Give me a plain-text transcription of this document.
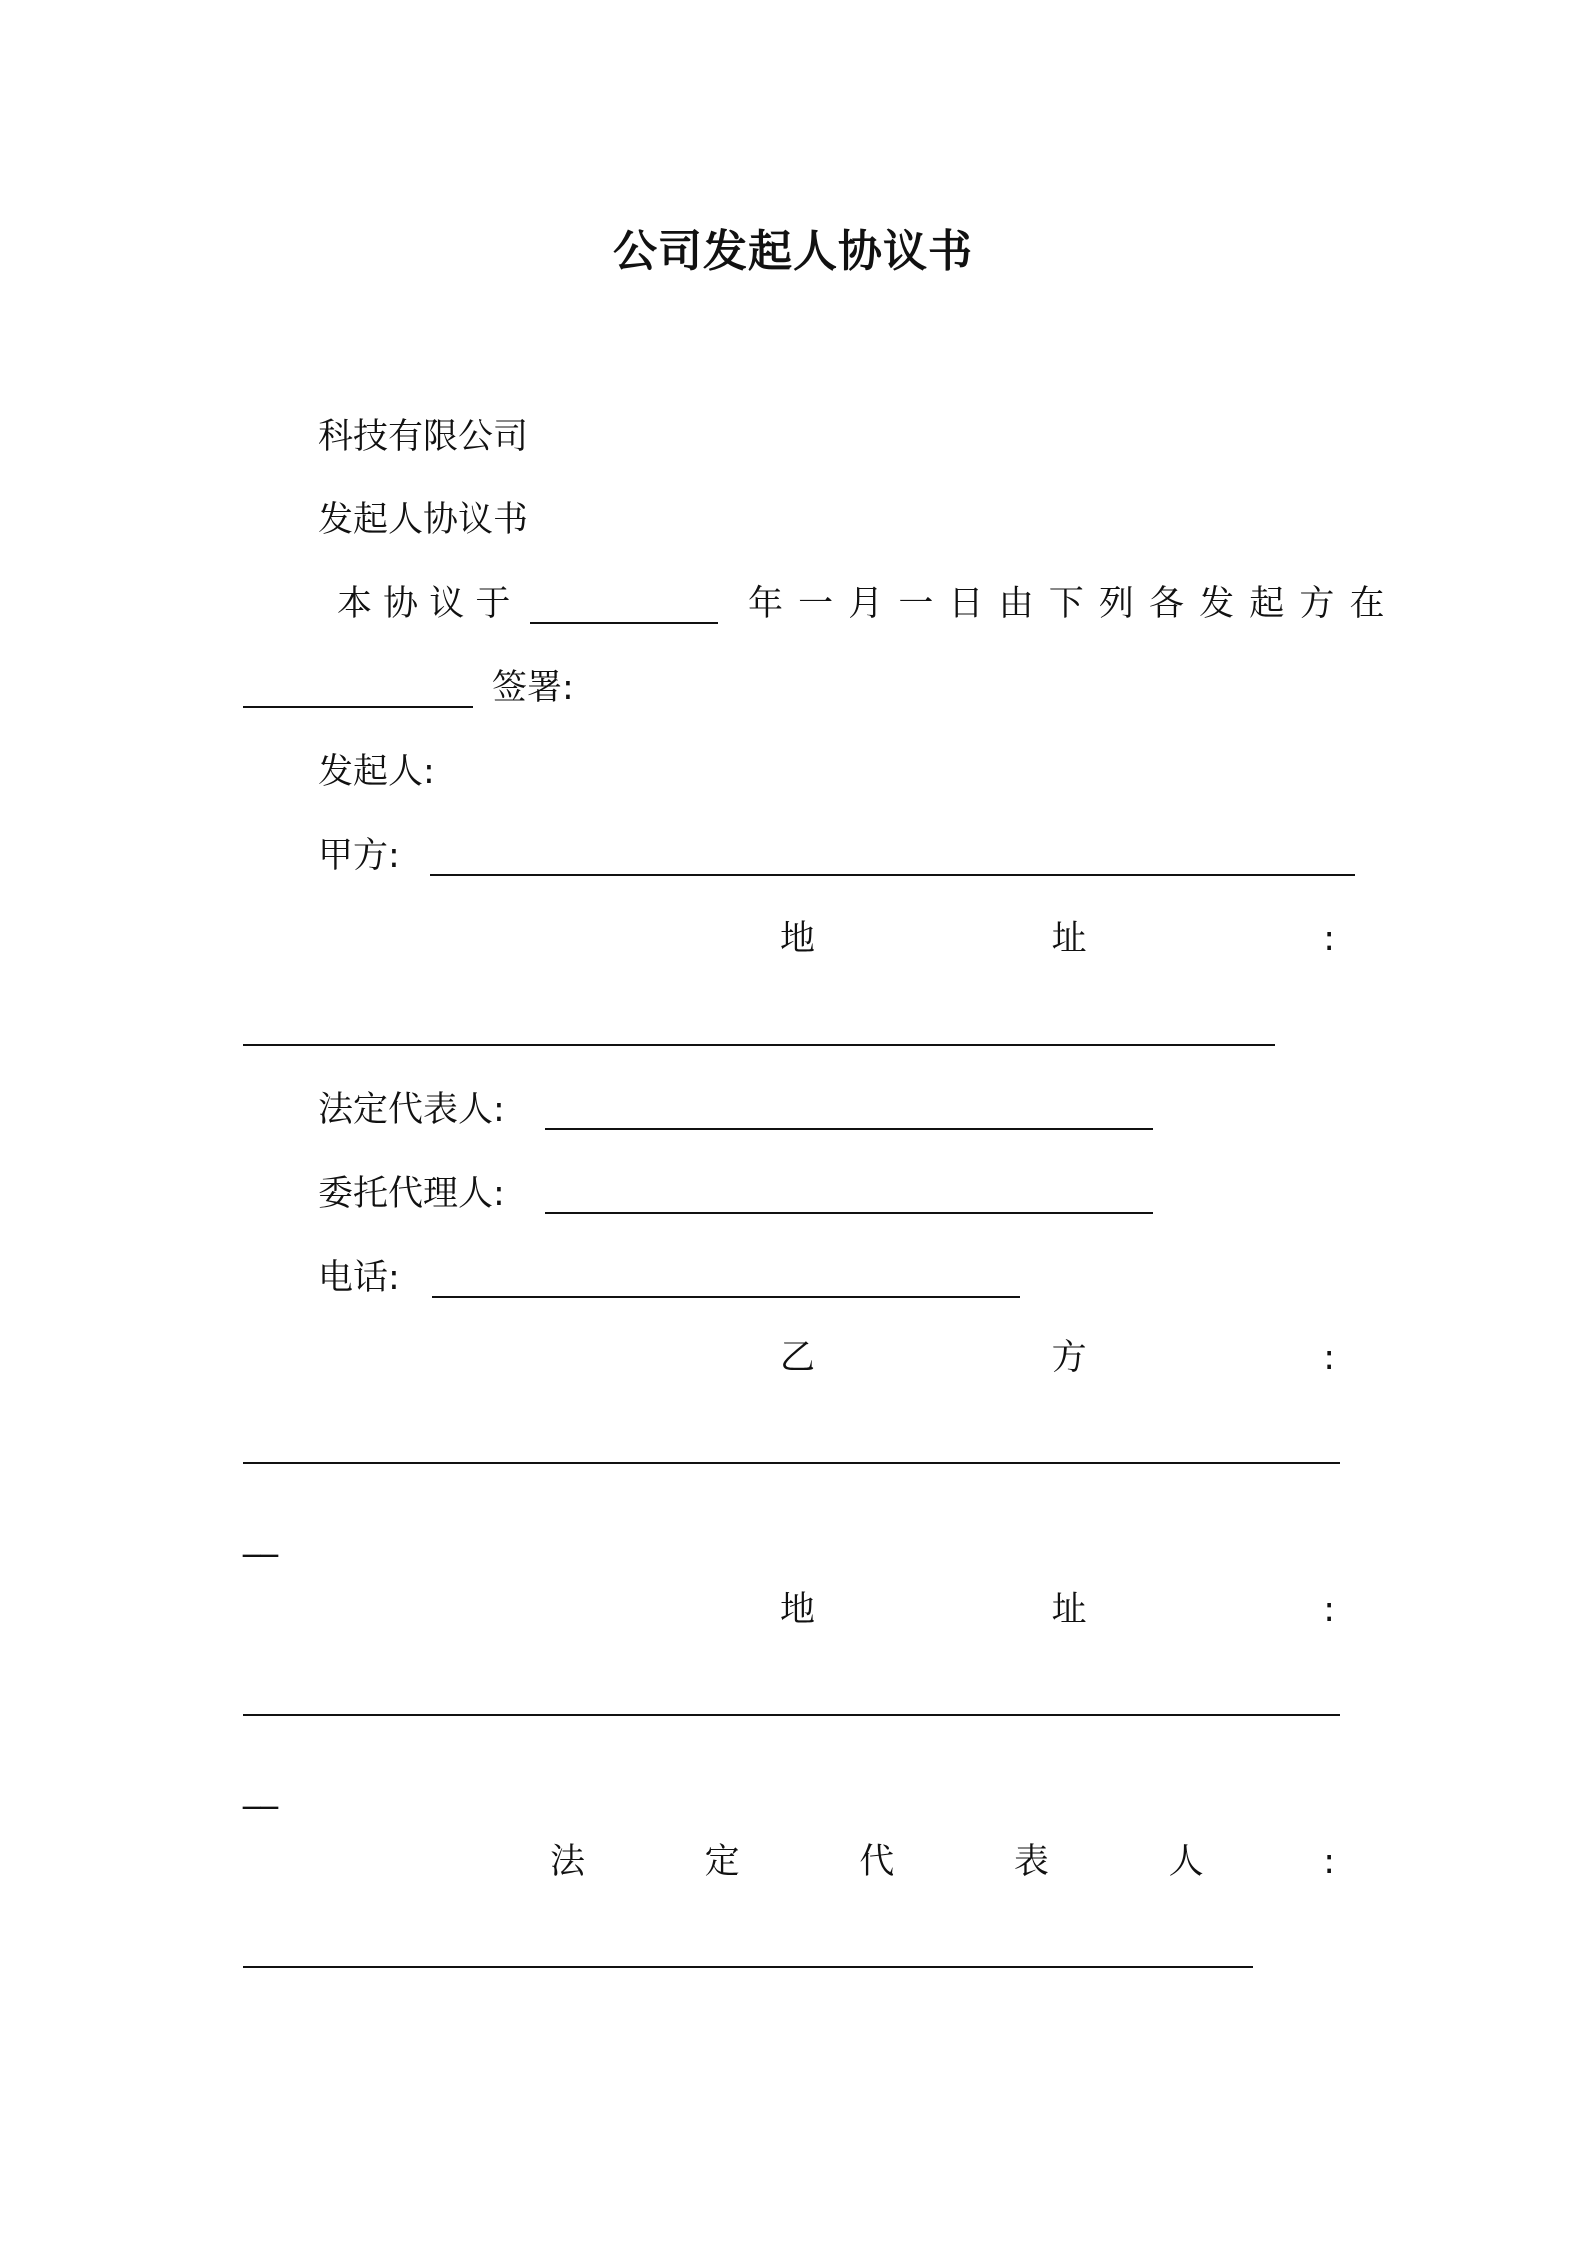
公司发起人协议书
科技有限公司
发起人协议书
本 协 议 于	年 一 月 一 日 由 下 列 各 发 起 方 在
签署:
发起人:
甲方:
地	址	:
法定代表人:
委托代理人:
电话:
乙	方	:
__
地	址	:
__
法	定	代	表	人	:
